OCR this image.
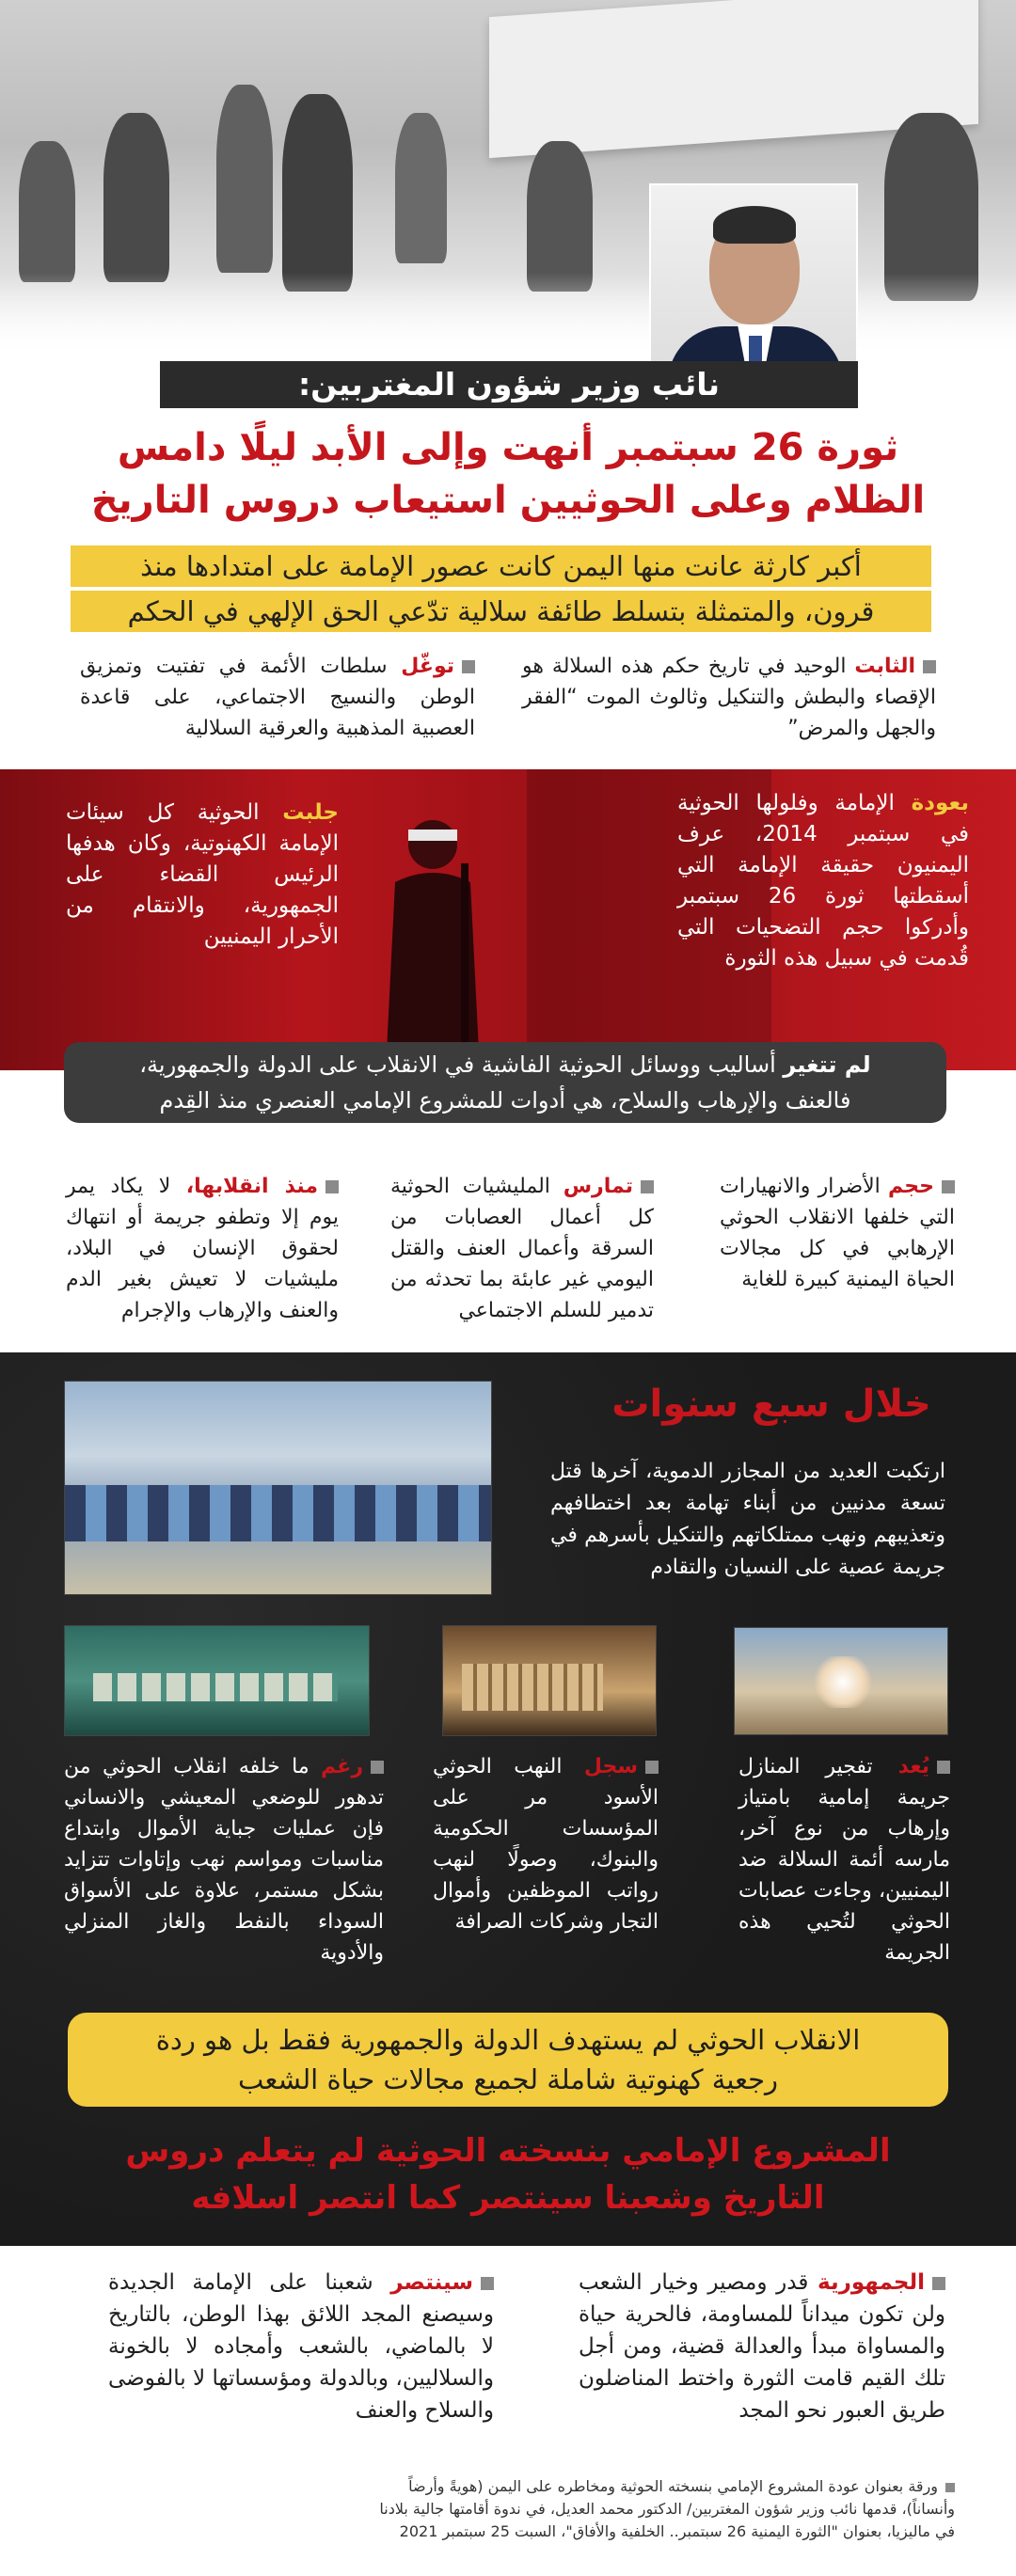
نائب وزير شؤون المغتربين:
ثورة 26 سبتمبر أنهت وإلى الأبد ليلًا دامس
الظلام وعلى الحوثيين استيعاب دروس التاريخ
أكبر كارثة عانت منها اليمن كانت عصور الإمامة على امتدادها منذ
قرون، والمتمثلة بتسلط طائفة سلالية تدّعي الحق الإلهي في الحكم
الثابت الوحيد في تاريخ حكم هذه السلالة هو الإقصاء والبطش والتنكيل وثالوث الموت “الفقر والجهل والمرض”
توغّل سلطات الأئمة في تفتيت وتمزيق الوطن والنسيج الاجتماعي، على قاعدة العصبية المذهبية والعرقية السلالية
بعودة الإمامة وفلولها الحوثية في سبتمبر 2014، عرف اليمنيون حقيقة الإمامة التي أسقطتها ثورة 26 سبتمبر وأدركوا حجم التضحيات التي قُدمت في سبيل هذه الثورة
جلبت الحوثية كل سيئات الإمامة الكهنوتية، وكان هدفها الرئيس القضاء على الجمهورية، والانتقام من الأحرار اليمنيين
لم تتغير أساليب ووسائل الحوثية الفاشية في الانقلاب على الدولة والجمهورية،
فالعنف والإرهاب والسلاح، هي أدوات للمشروع الإمامي العنصري منذ القِدم
حجم الأضرار والانهيارات التي خلفها الانقلاب الحوثي الإرهابي في كل مجالات الحياة اليمنية كبيرة للغاية
تمارس المليشيات الحوثية كل أعمال العصابات من السرقة وأعمال العنف والقتل اليومي غير عابئة بما تحدثه من تدمير للسلم الاجتماعي
منذ انقلابها، لا يكاد يمر يوم إلا وتطفو جريمة أو انتهاك لحقوق الإنسان في البلاد، مليشيات لا تعيش بغير الدم والعنف والإرهاب والإجرام
خلال سبع سنوات
ارتكبت العديد من المجازر الدموية، آخرها قتل تسعة مدنيين من أبناء تهامة بعد اختطافهم وتعذيبهم ونهب ممتلكاتهم والتنكيل بأسرهم في جريمة عصية على النسيان والتقادم
يُعد تفجير المنازل جريمة إمامية بامتياز وإرهاب من نوع آخر، مارسه أئمة السلالة ضد اليمنيين، وجاءت عصابات الحوثي لتُحيي هذه الجريمة
سجل النهب الحوثي الأسود مر على المؤسسات الحكومية والبنوك، وصولًا لنهب رواتب الموظفين وأموال التجار وشركات الصرافة
رغم ما خلفه انقلاب الحوثي من تدهور للوضعي المعيشي والانساني فإن عمليات جباية الأموال وابتداع مناسبات ومواسم نهب وإتاوات تتزايد بشكل مستمر، علاوة على الأسواق السوداء بالنفط والغاز المنزلي والأدوية
الانقلاب الحوثي لم يستهدف الدولة والجمهورية فقط بل هو ردة
رجعية كهنوتية شاملة لجميع مجالات حياة الشعب
المشروع الإمامي بنسخته الحوثية لم يتعلم دروس
التاريخ وشعبنا سينتصر كما انتصر اسلافه
الجمهورية قدر ومصير وخيار الشعب ولن تكون ميداناً للمساومة، فالحرية حياة والمساواة مبدأ والعدالة قضية، ومن أجل تلك القيم قامت الثورة واختط المناضلون طريق العبور نحو المجد
سينتصر شعبنا على الإمامة الجديدة وسيصنع المجد اللائق بهذا الوطن، بالتاريخ لا بالماضي، بالشعب وأمجاده لا بالخونة والسلاليين، وبالدولة ومؤسساتها لا بالفوضى والسلاح والعنف
ورقة بعنوان عودة المشروع الإمامي بنسخته الحوثية ومخاطره على اليمن (هويةً وأرضاً
وأنساناً)، قدمها نائب وزير شؤون المغتربين/ الدكتور محمد العديل، في ندوة أقامتها جالية بلادنا
في ماليزيا، بعنوان "الثورة اليمنية 26 سبتمبر.. الخلفية والأفاق"، السبت 25 سبتمبر 2021
